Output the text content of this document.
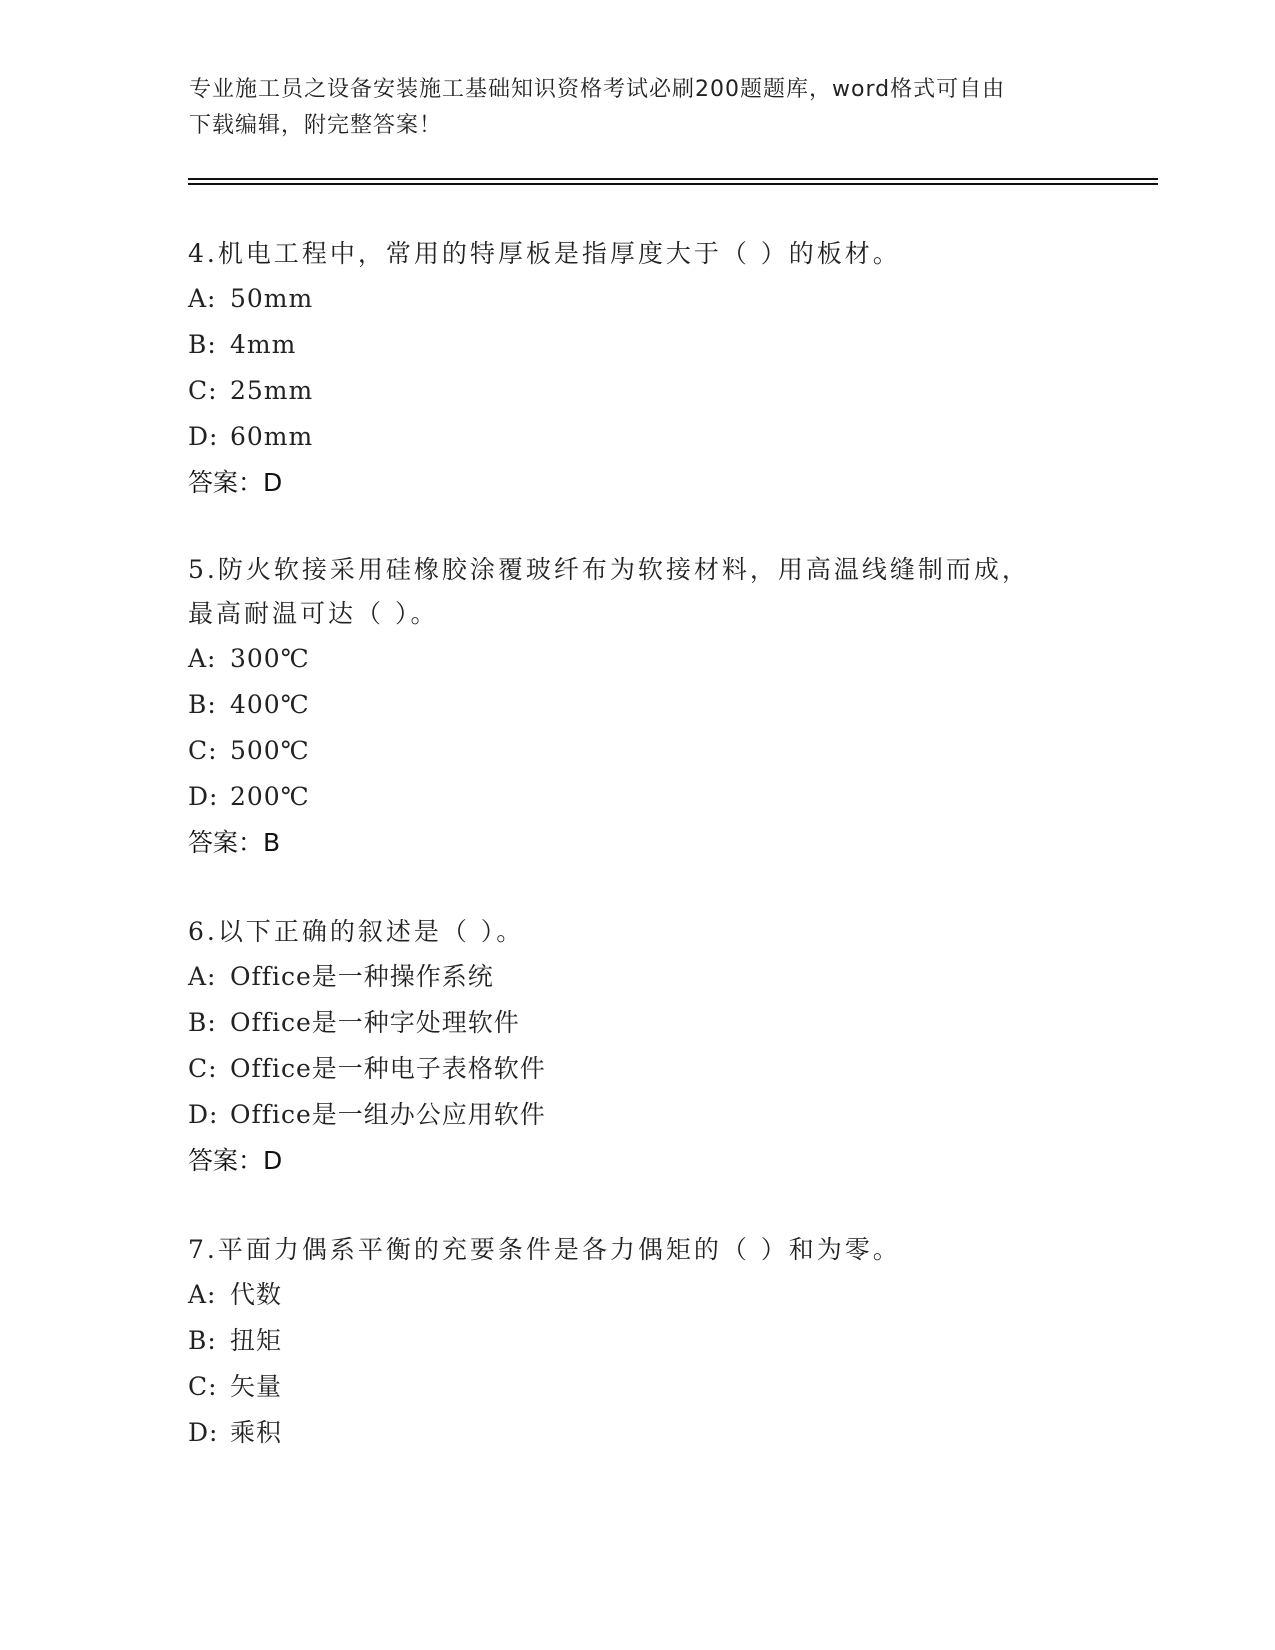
专业施工员之设备安装施工基础知识资格考试必刷200题题库，word格式可自由
下载编辑，附完整答案！

4.机电工程中，常用的特厚板是指厚度大于（ ）的板材。

A: 50mm

B: 4mm

C: 25mm

D: 60mm

答案：D

5.防火软接采用硅橡胶涂覆玻纤布为软接材料，用高温线缝制而成，

最高耐温可达（ ）。

A: 300℃

B: 400℃

C: 500℃

D: 200℃

答案：B

6.以下正确的叙述是（ ）。

A: Office是一种操作系统

B: Office是一种字处理软件

C: Office是一种电子表格软件

D: Office是一组办公应用软件

答案：D

7.平面力偶系平衡的充要条件是各力偶矩的（ ）和为零。

A: 代数

B: 扭矩

C: 矢量

D: 乘积
